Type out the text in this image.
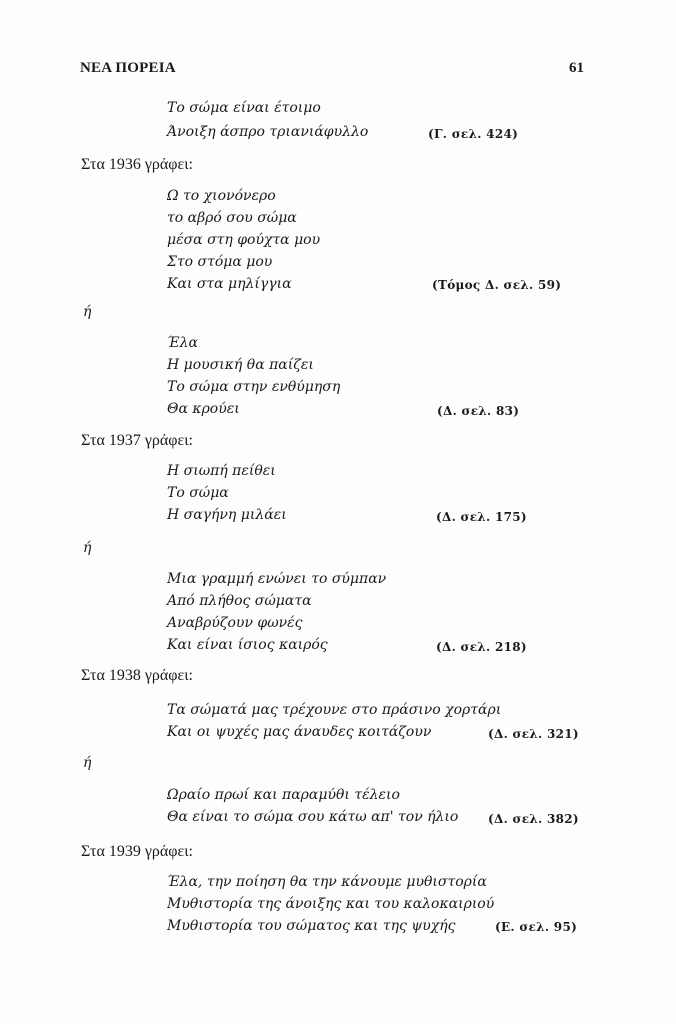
ΝΕΑ ΠΟΡΕΙΑ	61
Το σώμα είναι έτοιμο
Άνοιξη άσπρο τριανιάφυλλο	(Γ. σελ. 424)
Στα 1936 γράφει:
Ω το χιονόνερο
το αβρό σου σώμα
μέσα στη φούχτα μου
Στο στόμα μου
Και στα μηλίγγια	(Τόμος Δ. σελ. 59)
ή
Έλα
Η μουσική θα παίζει
Το σώμα στην ενθύμηση
Θα κρούει	(Δ. σελ. 83)
Στα 1937 γράφει:
Η σιωπή πείθει
Το σώμα
Η σαγήνη μιλάει	(Δ. σελ. 175)
ή
Μια γραμμή ενώνει το σύμπαν
Από πλήθος σώματα
Αναβρύζουν φωνές
Και είναι ίσιος καιρός	(Δ. σελ. 218)
Στα 1938 γράφει:
Τα σώματά μας τρέχουνε στο πράσινο χορτάρι
Και οι ψυχές μας άναυδες κοιτάζουν	(Δ. σελ. 321)
ή
Ωραίο πρωί και παραμύθι τέλειο
Θα είναι το σώμα σου κάτω απ' τον ήλιο (Δ. σελ. 382)
Στα 1939 γράφει:
Έλα, την ποίηση θα την κάνουμε μυθιστορία
Μυθιστορία της άνοιξης και του καλοκαιριού
Μυθιστορία του σώματος και της ψυχής	(Ε. σελ. 95)
